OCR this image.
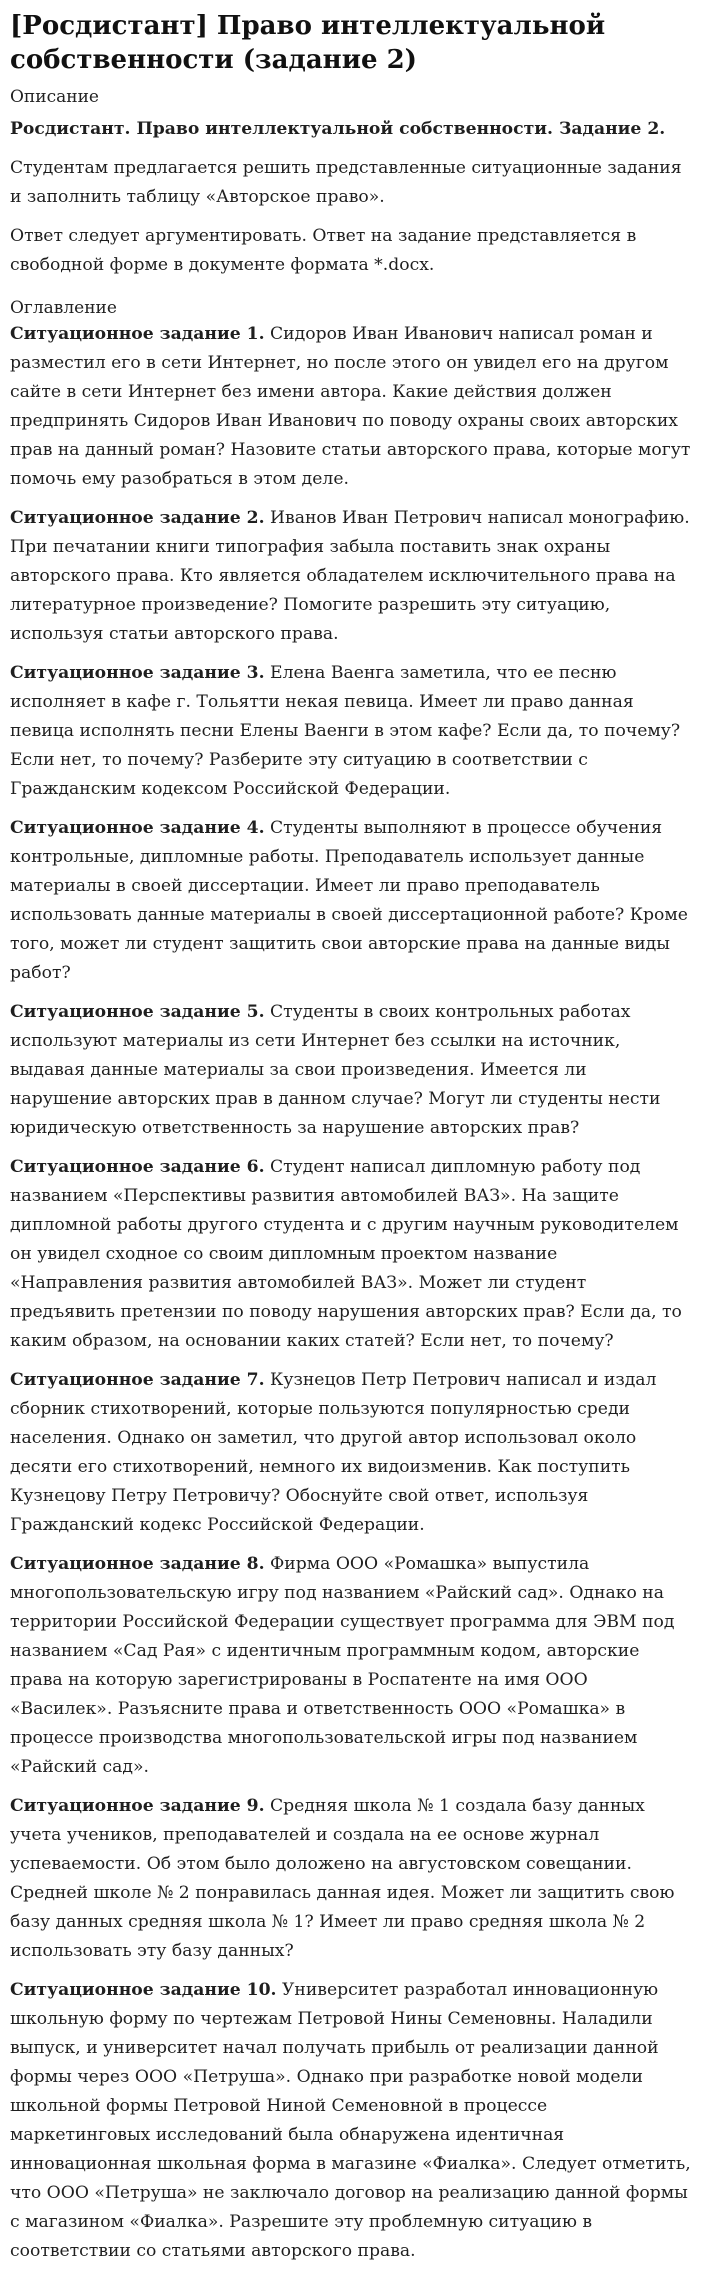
[Росдистант] Право интеллектуальной собственности (задание 2)
Описание

Росдистант. Право интеллектуальной собственности. Задание 2.

Студентам предлагается решить представленные ситуационные задания и заполнить таблицу «Авторское право».

Ответ следует аргументировать. Ответ на задание представляется в свободной форме в документе формата *.docx.

Оглавление

Ситуационное задание 1. Сидоров Иван Иванович написал роман и разместил его в сети Интернет, но после этого он увидел его на другом сайте в сети Интернет без имени автора. Какие действия должен предпринять Сидоров Иван Иванович по поводу охраны своих авторских прав на данный роман? Назовите статьи авторского права, которые могут помочь ему разобраться в этом деле.

Ситуационное задание 2. Иванов Иван Петрович написал монографию. При печатании книги типография забыла поставить знак охраны авторского права. Кто является обладателем исключительного права на литературное произведение? Помогите разрешить эту ситуацию, используя статьи авторского права.

Ситуационное задание 3. Елена Ваенга заметила, что ее песню исполняет в кафе г. Тольятти некая певица. Имеет ли право данная певица исполнять песни Елены Ваенги в этом кафе? Если да, то почему? Если нет, то почему? Разберите эту ситуацию в соответствии с Гражданским кодексом Российской Федерации.

Ситуационное задание 4. Студенты выполняют в процессе обучения контрольные, дипломные работы. Преподаватель использует данные материалы в своей диссертации. Имеет ли право преподаватель использовать данные материалы в своей диссертационной работе? Кроме того, может ли студент защитить свои авторские права на данные виды работ?

Ситуационное задание 5. Студенты в своих контрольных работах используют материалы из сети Интернет без ссылки на источник, выдавая данные материалы за свои произведения. Имеется ли нарушение авторских прав в данном случае? Могут ли студенты нести юридическую ответственность за нарушение авторских прав?

Ситуационное задание 6. Студент написал дипломную работу под названием «Перспективы развития автомобилей ВАЗ». На защите дипломной работы другого студента и с другим научным руководителем он увидел сходное со своим дипломным проектом название «Направления развития автомобилей ВАЗ». Может ли студент предъявить претензии по поводу нарушения авторских прав? Если да, то каким образом, на основании каких статей? Если нет, то почему?

Ситуационное задание 7. Кузнецов Петр Петрович написал и издал сборник стихотворений, которые пользуются популярностью среди населения. Однако он заметил, что другой автор использовал около десяти его стихотворений, немного их видоизменив. Как поступить Кузнецову Петру Петровичу? Обоснуйте свой ответ, используя Гражданский кодекс Российской Федерации.

Ситуационное задание 8. Фирма ООО «Ромашка» выпустила многопользовательскую игру под названием «Райский сад». Однако на территории Российской Федерации существует программа для ЭВМ под названием «Сад Рая» с идентичным программным кодом, авторские права на которую зарегистрированы в Роспатенте на имя ООО «Василек». Разъясните права и ответственность ООО «Ромашка» в процессе производства многопользовательской игры под названием «Райский сад».

Ситуационное задание 9. Средняя школа № 1 создала базу данных учета учеников, преподавателей и создала на ее основе журнал успеваемости. Об этом было доложено на августовском совещании. Средней школе № 2 понравилась данная идея. Может ли защитить свою базу данных средняя школа № 1? Имеет ли право средняя школа № 2 использовать эту базу данных?

Ситуационное задание 10. Университет разработал инновационную школьную форму по чертежам Петровой Нины Семеновны. Наладили выпуск, и университет начал получать прибыль от реализации данной формы через ООО «Петруша». Однако при разработке новой модели школьной формы Петровой Ниной Семеновной в процессе маркетинговых исследований была обнаружена идентичная инновационная школьная форма в магазине «Фиалка». Следует отметить, что ООО «Петруша» не заключало договор на реализацию данной формы с магазином «Фиалка». Разрешите эту проблемную ситуацию в соответствии со статьями авторского права.
